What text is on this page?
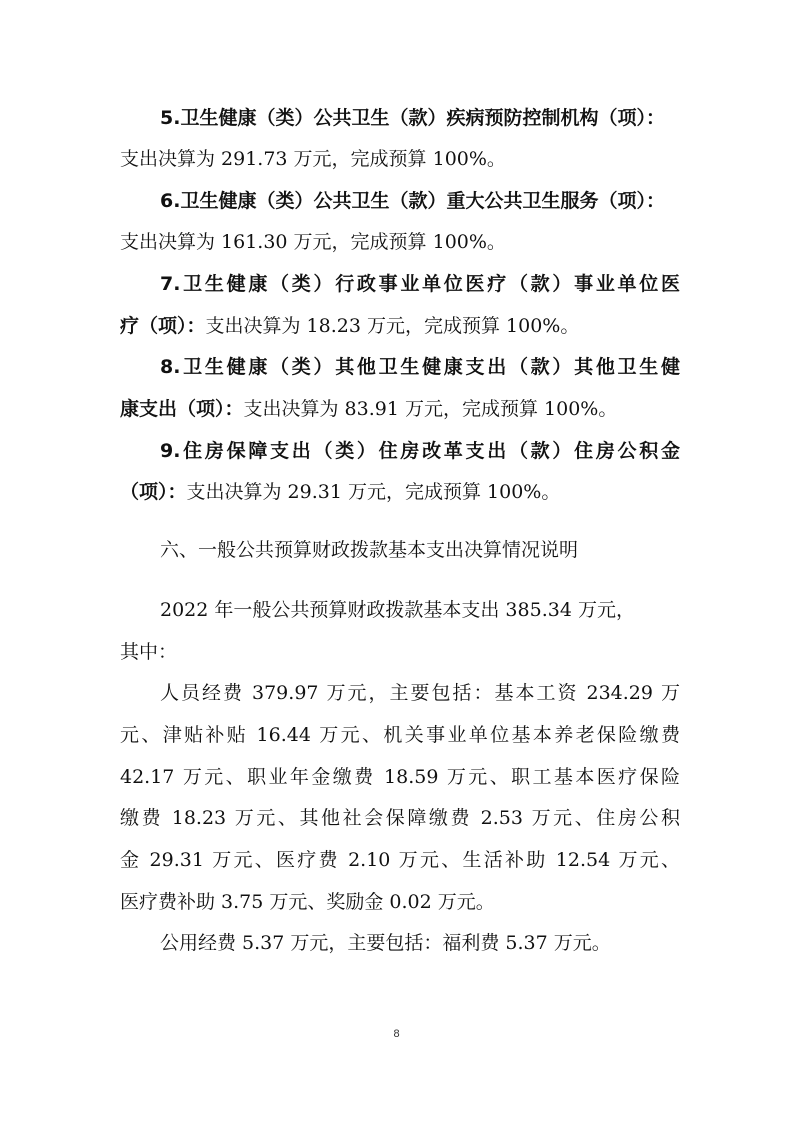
5.卫生健康（类）公共卫生（款）疾病预防控制机构（项）：
支出决算为 291.73 万元，完成预算 100%。
6.卫生健康（类）公共卫生（款）重大公共卫生服务（项）：
支出决算为 161.30 万元，完成预算 100%。
7.卫生健康（类）行政事业单位医疗（款）事业单位医
疗（项）：支出决算为 18.23 万元，完成预算 100%。
8.卫生健康（类）其他卫生健康支出（款）其他卫生健
康支出（项）：支出决算为 83.91 万元，完成预算 100%。
9.住房保障支出（类）住房改革支出（款）住房公积金
（项）：支出决算为 29.31 万元，完成预算 100%。
六、一般公共预算财政拨款基本支出决算情况说明
2022 年一般公共预算财政拨款基本支出 385.34 万元，
其中：
人员经费 379.97 万元，主要包括：基本工资 234.29 万
元、津贴补贴 16.44 万元、机关事业单位基本养老保险缴费
42.17 万元、职业年金缴费 18.59 万元、职工基本医疗保险
缴费 18.23 万元、其他社会保障缴费 2.53 万元、住房公积
金 29.31 万元、医疗费 2.10 万元、生活补助 12.54 万元、
医疗费补助 3.75 万元、奖励金 0.02 万元。
公用经费 5.37 万元，主要包括：福利费 5.37 万元。
8
